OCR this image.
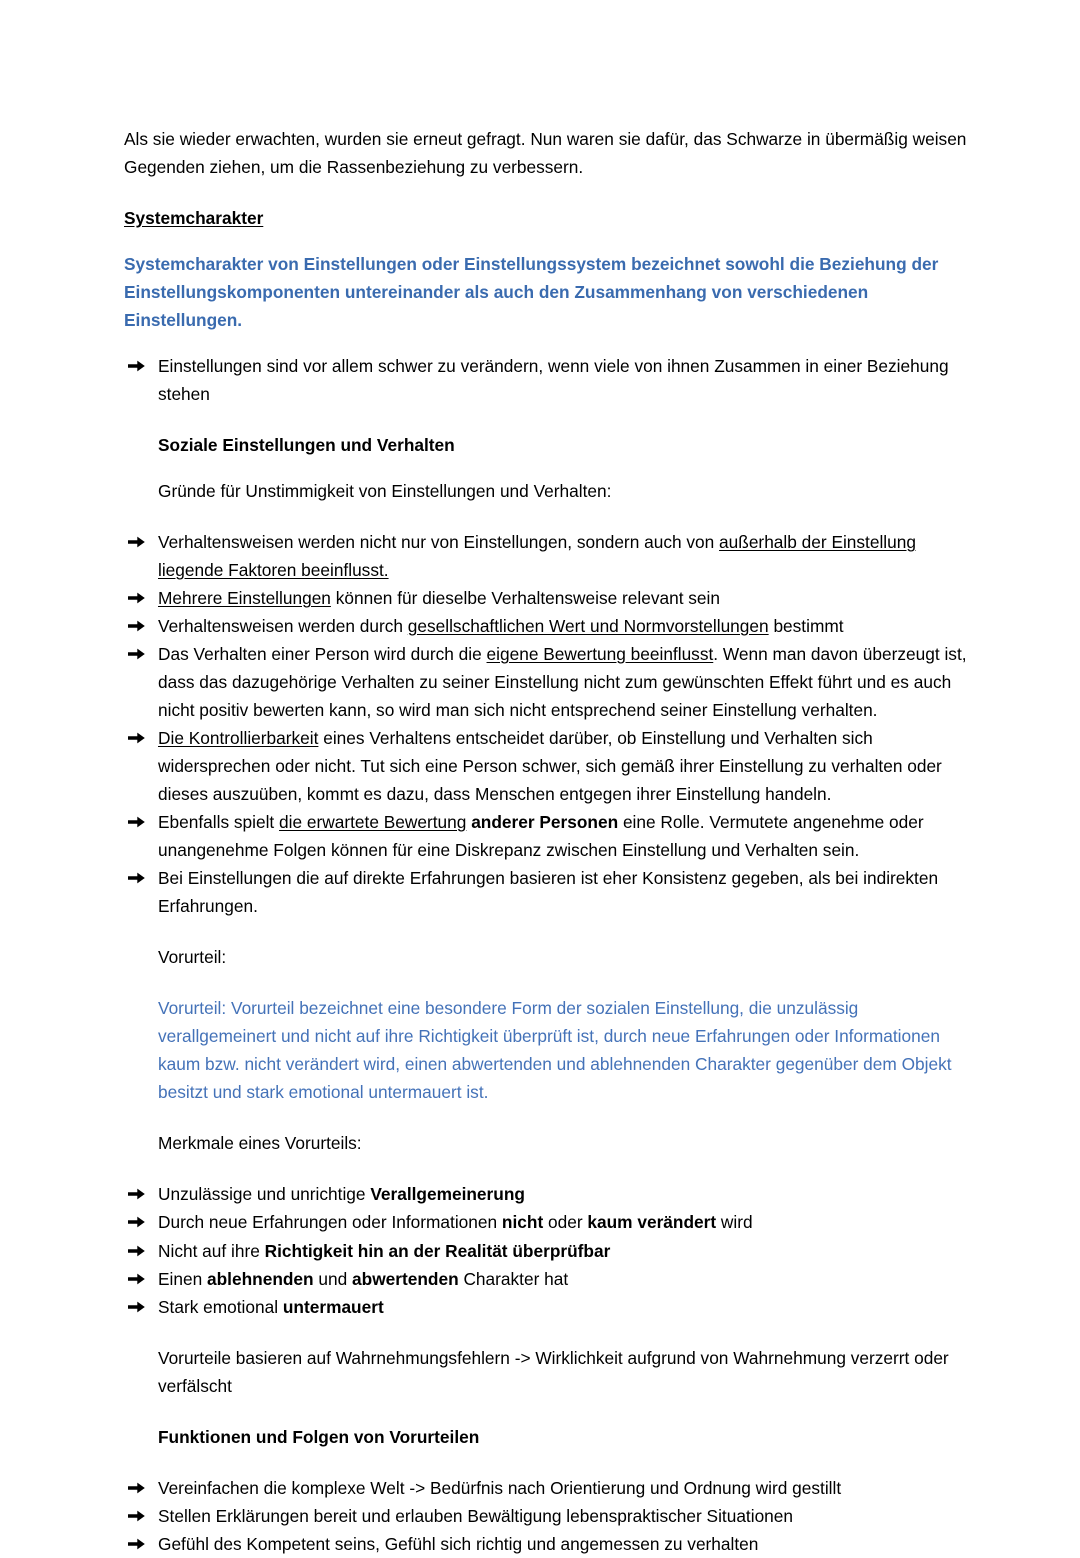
Als sie wieder erwachten, wurden sie erneut gefragt. Nun waren sie dafür, das Schwarze in übermäßig weisen Gegenden ziehen, um die Rassenbeziehung zu verbessern.

Systemcharakter

Systemcharakter von Einstellungen oder Einstellungssystem bezeichnet sowohl die Beziehung der Einstellungskomponenten untereinander als auch den Zusammenhang von verschiedenen Einstellungen.

Einstellungen sind vor allem schwer zu verändern, wenn viele von ihnen Zusammen in einer Beziehung stehen
Soziale Einstellungen und Verhalten

Gründe für Unstimmigkeit von Einstellungen und Verhalten:

Verhaltensweisen werden nicht nur von Einstellungen, sondern auch von außerhalb der Einstellung liegende Faktoren beeinflusst.
Mehrere Einstellungen können für dieselbe Verhaltensweise relevant sein
Verhaltensweisen werden durch gesellschaftlichen Wert und Normvorstellungen bestimmt
Das Verhalten einer Person wird durch die eigene Bewertung beeinflusst. Wenn man davon überzeugt ist, dass das dazugehörige Verhalten zu seiner Einstellung nicht zum gewünschten Effekt führt und es auch nicht positiv bewerten kann, so wird man sich nicht entsprechend seiner Einstellung verhalten.
Die Kontrollierbarkeit eines Verhaltens entscheidet darüber, ob Einstellung und Verhalten sich widersprechen oder nicht. Tut sich eine Person schwer, sich gemäß ihrer Einstellung zu verhalten oder dieses auszuüben, kommt es dazu, dass Menschen entgegen ihrer Einstellung handeln.
Ebenfalls spielt die erwartete Bewertung anderer Personen eine Rolle. Vermutete angenehme oder unangenehme Folgen können für eine Diskrepanz zwischen Einstellung und Verhalten sein.
Bei Einstellungen die auf direkte Erfahrungen basieren ist eher Konsistenz gegeben, als bei indirekten Erfahrungen.

Vorurteil:

Vorurteil: Vorurteil bezeichnet eine besondere Form der sozialen Einstellung, die unzulässig verallgemeinert und nicht auf ihre Richtigkeit überprüft ist, durch neue Erfahrungen oder Informationen kaum bzw. nicht verändert wird, einen abwertenden und ablehnenden Charakter gegenüber dem Objekt besitzt und stark emotional untermauert ist.

Merkmale eines Vorurteils:

Unzulässige und unrichtige Verallgemeinerung
Durch neue Erfahrungen oder Informationen nicht oder kaum verändert wird
Nicht auf ihre Richtigkeit hin an der Realität überprüfbar
Einen ablehnenden und abwertenden Charakter hat
Stark emotional untermauert

Vorurteile basieren auf Wahrnehmungsfehlern -> Wirklichkeit aufgrund von Wahrnehmung verzerrt oder verfälscht

Funktionen und Folgen von Vorurteilen
Vereinfachen die komplexe Welt -> Bedürfnis nach Orientierung und Ordnung wird gestillt
Stellen Erklärungen bereit und erlauben Bewältigung lebenspraktischer Situationen
Gefühl des Kompetent seins, Gefühl sich richtig und angemessen zu verhalten
